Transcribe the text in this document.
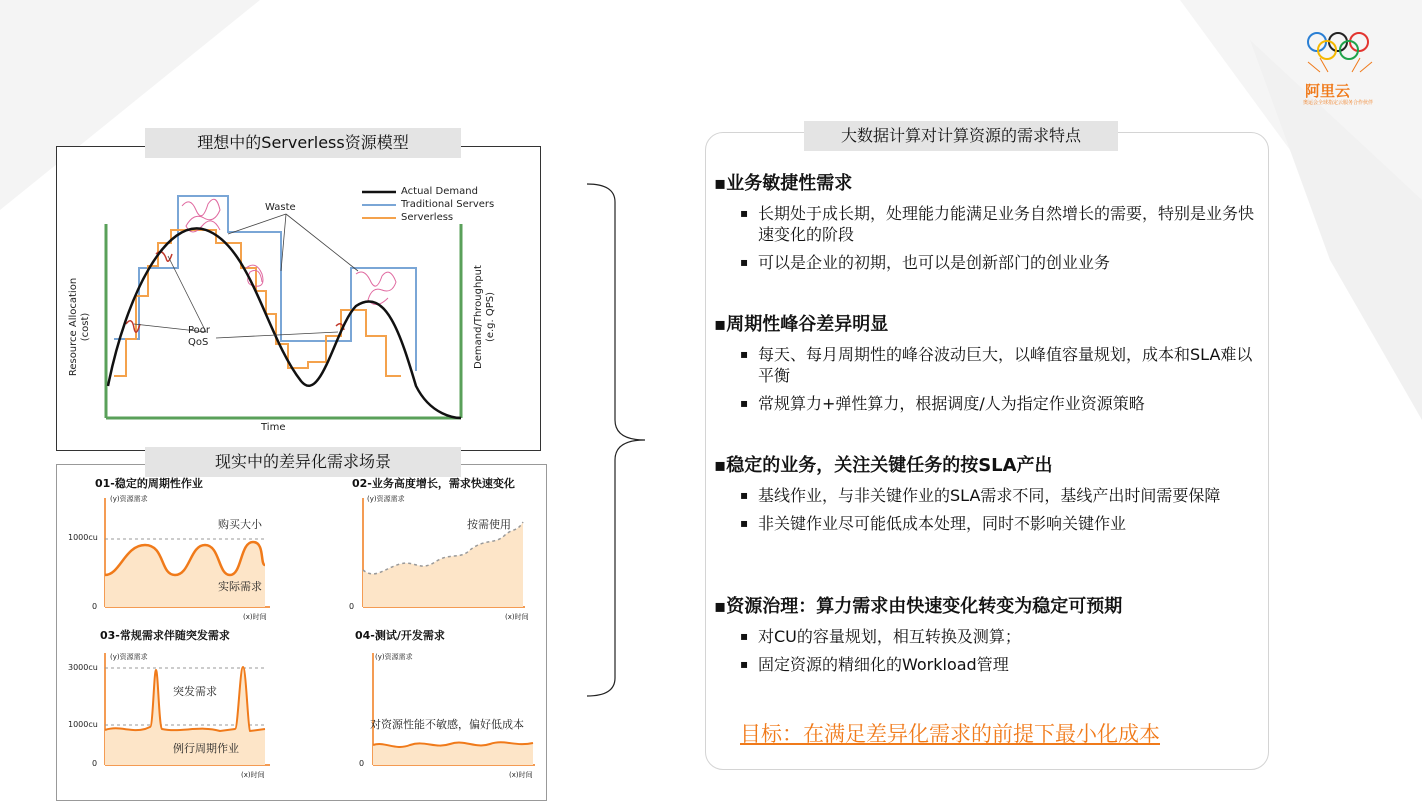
阿里云
奥运会全球指定云服务合作伙伴
理想中的Serverless资源模型
Actual Demand
Traditional Servers
Serverless
Waste
Poor
QoS
Time
Resource Allocation
(cost)	Demand/Throughput
(e.g. QPS)
现实中的差异化需求场景
01-稳定的周期性作业
(y)资源需求
1000cu
0
购买大小
实际需求
(x)时间
02-业务高度增长，需求快速变化
(y)资源需求
0
按需使用
(x)时间
03-常规需求伴随突发需求
(y)资源需求
3000cu
1000cu
0
突发需求
例行周期作业
(x)时间
04-测试/开发需求
(y)资源需求
0
对资源性能不敏感，偏好低成本
(x)时间
大数据计算对计算资源的需求特点

▪业务敏捷性需求

▪ 长期处于成长期，处理能力能满足业务自然增长的需要，特别是业务快速变化的阶段
▪ 可以是企业的初期，也可以是创新部门的创业业务

▪周期性峰谷差异明显

▪ 每天、每月周期性的峰谷波动巨大，以峰值容量规划，成本和SLA难以平衡
▪ 常规算力+弹性算力，根据调度/人为指定作业资源策略

▪稳定的业务，关注关键任务的按SLA产出

▪ 基线作业，与非关键作业的SLA需求不同，基线产出时间需要保障
▪ 非关键作业尽可能低成本处理，同时不影响关键作业

▪资源治理：算力需求由快速变化转变为稳定可预期

▪ 对CU的容量规划，相互转换及测算；
▪ 固定资源的精细化的Workload管理
目标：在满足差异化需求的前提下最小化成本
